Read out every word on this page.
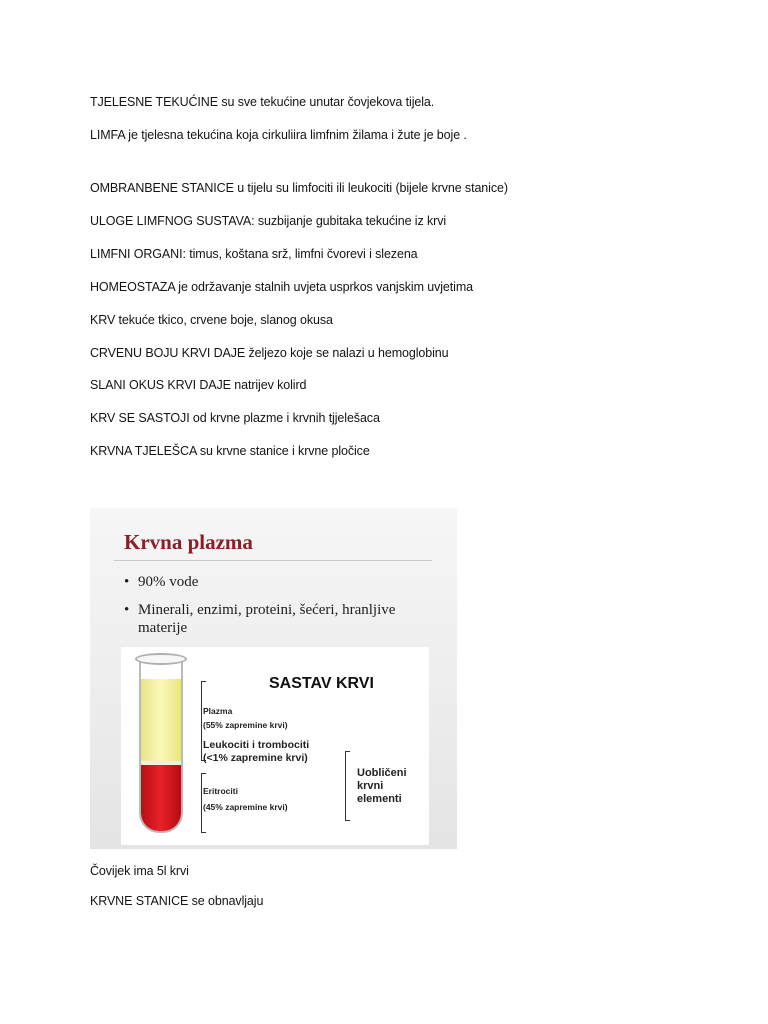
TJELESNE TEKUĆINE su sve tekućine unutar čovjekova tijela.
LIMFA je tjelesna tekućina koja cirkuliira limfnim žilama i žute je boje .
OMBRANBENE STANICE u tijelu su limfociti ili leukociti (bijele krvne stanice)
ULOGE LIMFNOG SUSTAVA: suzbijanje gubitaka tekućine iz krvi
LIMFNI ORGANI: timus, koštana srž, limfni čvorevi i slezena
HOMEOSTAZA je održavanje stalnih uvjeta usprkos vanjskim uvjetima
KRV tekuće tkico, crvene boje, slanog okusa
CRVENU BOJU KRVI DAJE željezo koje se nalazi u hemoglobinu
SLANI OKUS KRVI DAJE natrijev kolird
KRV SE SASTOJI od krvne plazme i krvnih tjjelešaca
KRVNA TJELEŠCA su krvne stanice i krvne pločice
Krvna plazma
• 90% vode
• Minerali, enzimi, proteini, šećeri, hranljive
materije
SASTAV KRVI
Plazma
(55% zapremine krvi)
Leukociti i trombociti
(<1% zapremine krvi)
Eritrociti
(45% zapremine krvi)
Uobličeni
krvni
elementi
Čovijek ima 5l krvi
KRVNE STANICE se obnavljaju
